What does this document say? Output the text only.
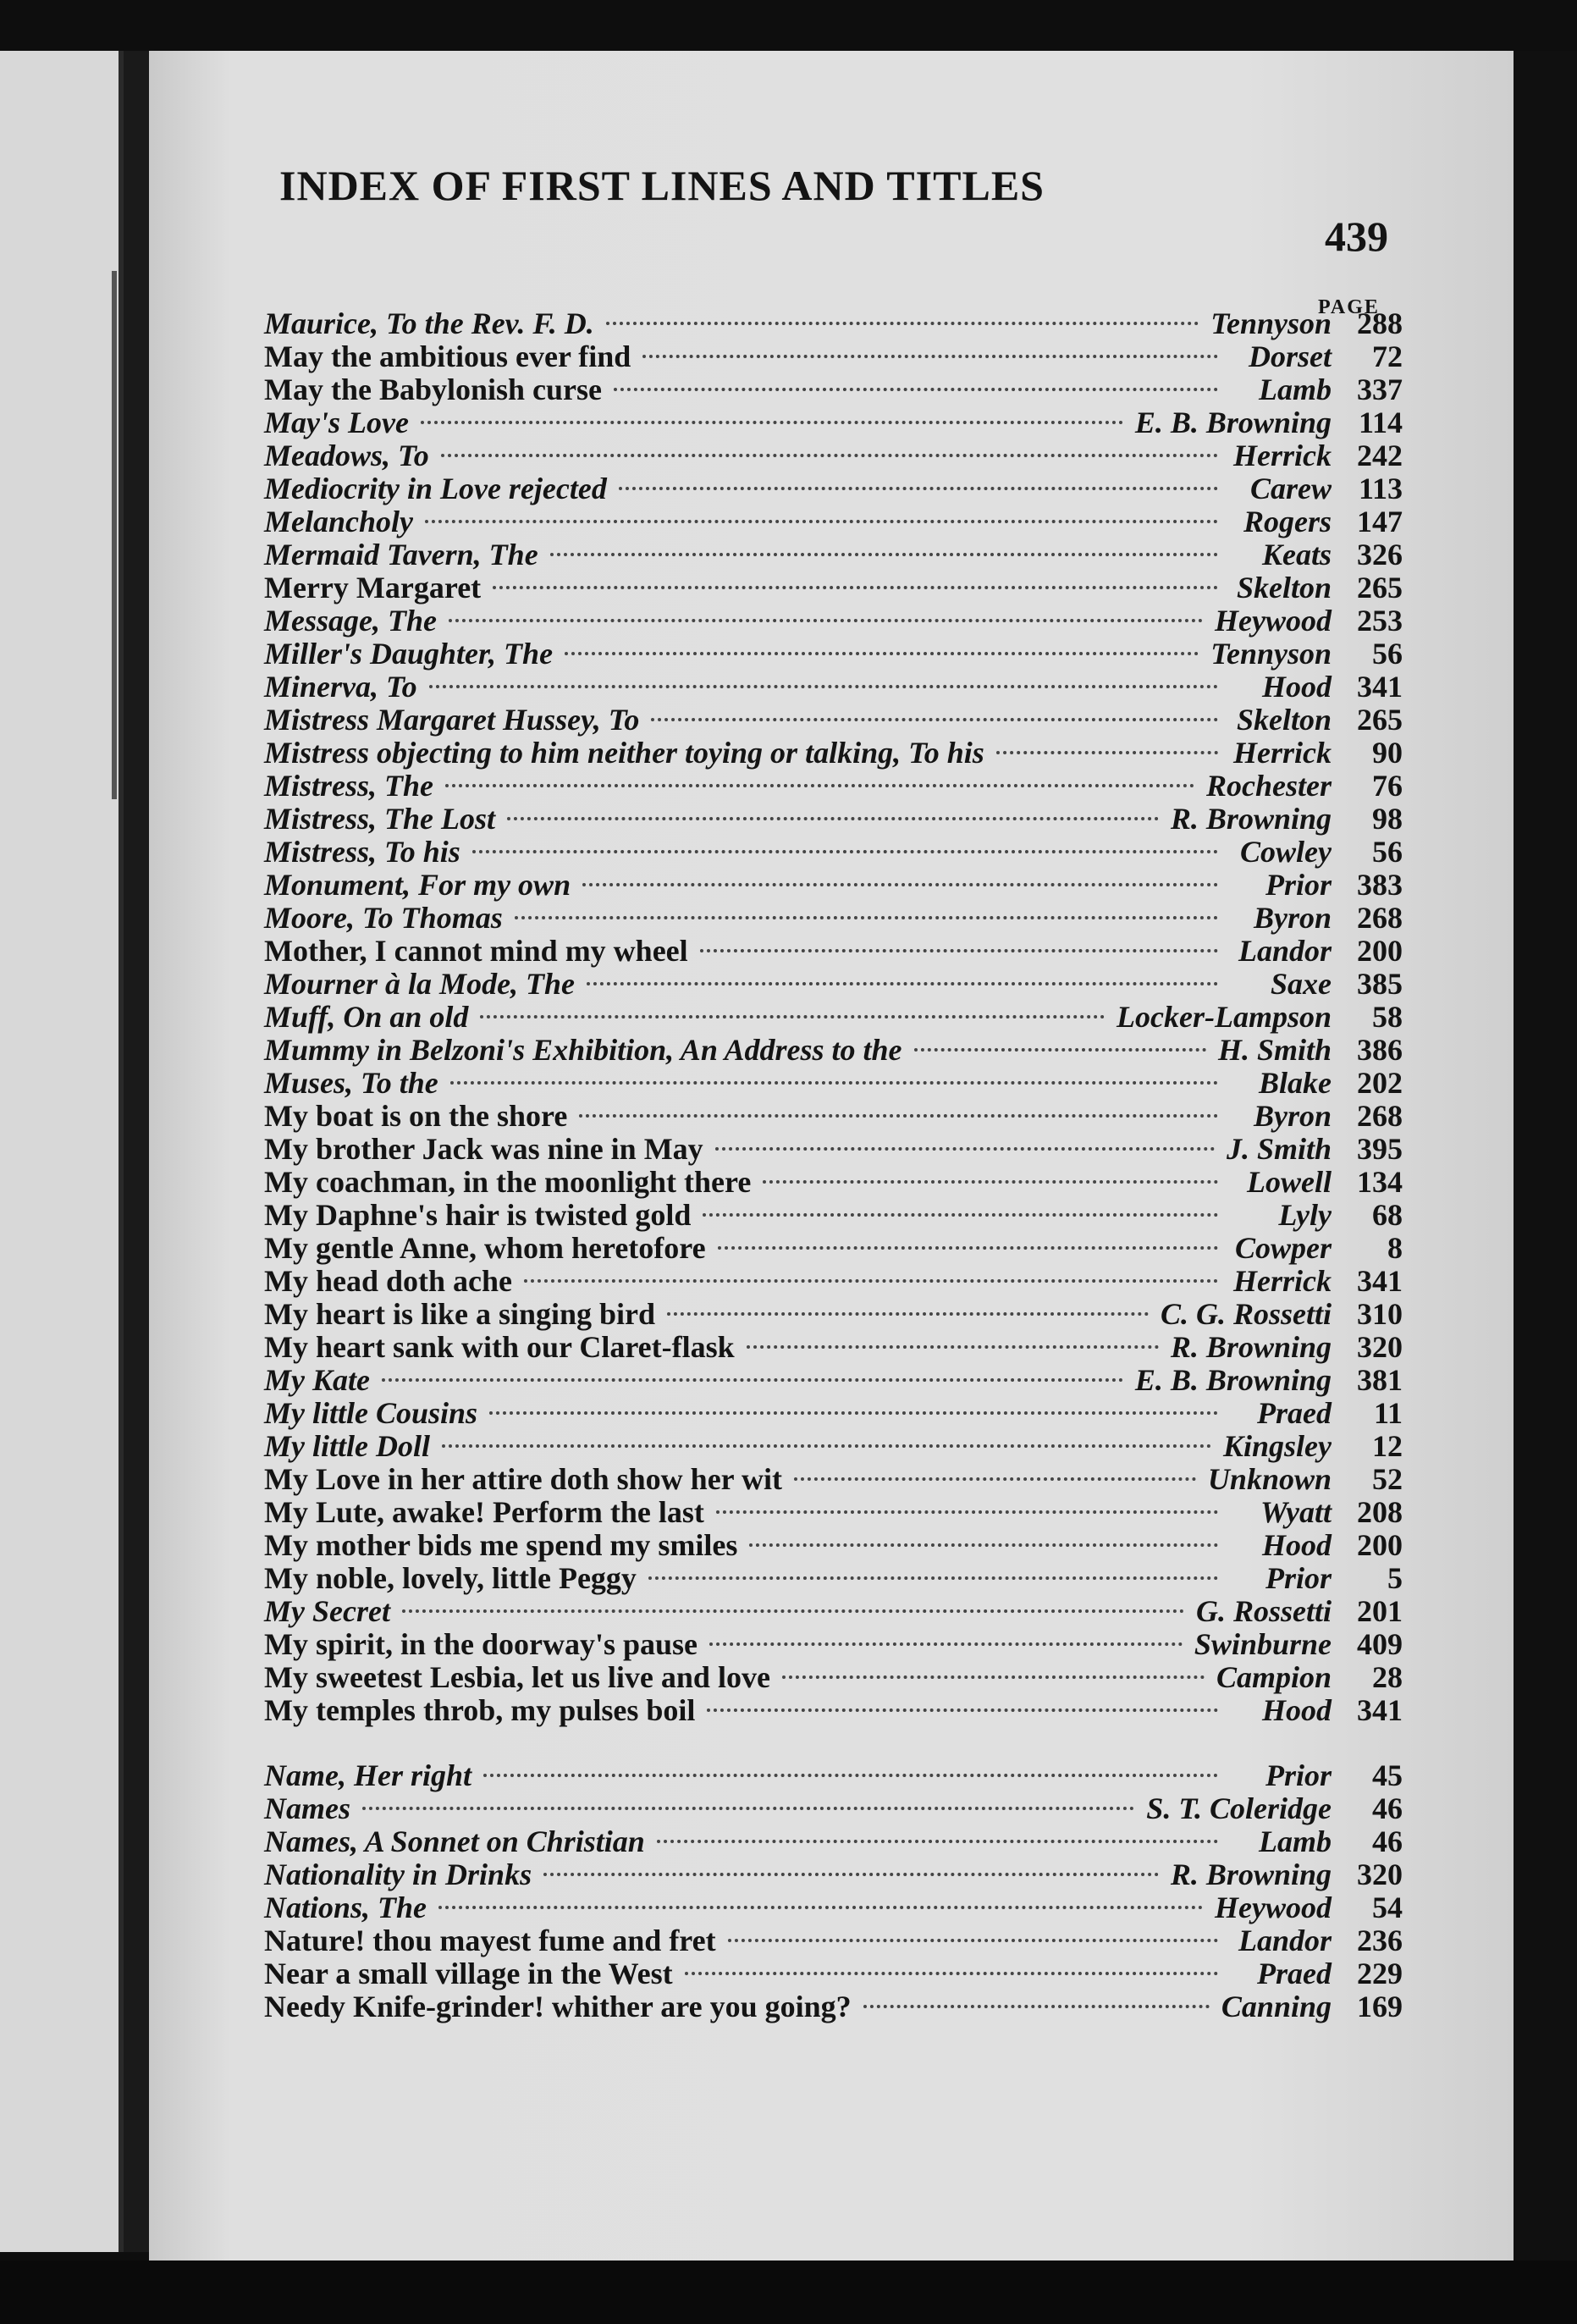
INDEX OF FIRST LINES AND TITLES
439
PAGE
Maurice, To the Rev. F. D.	Tennyson 288
May the ambitious ever find	Dorset	72
May the Babylonish curse	Lamb 337
May's Love	E. B. Browning 114
Meadows, To	Herrick 242
Mediocrity in Love rejected	Carew 113
Melancholy	Rogers 147
Mermaid Tavern, The	Keats 326
Merry Margaret	Skelton 265
Message, The	Heywood 253
Miller's Daughter, The	Tennyson	56
Minerva, To	Hood 341
Mistress Margaret Hussey, To	Skelton 265
Mistress objecting to him neither toying or talking, To his	Herrick	90
Mistress, The	Rochester	76
Mistress, The Lost	R. Browning	98
Mistress, To his	Cowley	56
Monument, For my own	Prior 383
Moore, To Thomas	Byron 268
Mother, I cannot mind my wheel	Landor 200
Mourner à la Mode, The	Saxe 385
Muff, On an old	Locker-Lampson	58
Mummy in Belzoni's Exhibition, An Address to the	H. Smith 386
Muses, To the	Blake 202
My boat is on the shore	Byron 268
My brother Jack was nine in May	J. Smith 395
My coachman, in the moonlight there	Lowell 134
My Daphne's hair is twisted gold	Lyly	68
My gentle Anne, whom heretofore	Cowper	8
My head doth ache	Herrick 341
My heart is like a singing bird	C. G. Rossetti 310
My heart sank with our Claret-flask	R. Browning 320
My Kate	E. B. Browning 381
My little Cousins	Praed	11
My little Doll	Kingsley	12
My Love in her attire doth show her wit	Unknown	52
My Lute, awake! Perform the last	Wyatt 208
My mother bids me spend my smiles	Hood 200
My noble, lovely, little Peggy	Prior	5
My Secret	G. Rossetti 201
My spirit, in the doorway's pause	Swinburne 409
My sweetest Lesbia, let us live and love	Campion	28
My temples throb, my pulses boil	Hood 341
Name, Her right	Prior	45
Names	S. T. Coleridge	46
Names, A Sonnet on Christian	Lamb	46
Nationality in Drinks	R. Browning 320
Nations, The	Heywood	54
Nature! thou mayest fume and fret	Landor 236
Near a small village in the West	Praed 229
Needy Knife-grinder! whither are you going?	Canning 169
